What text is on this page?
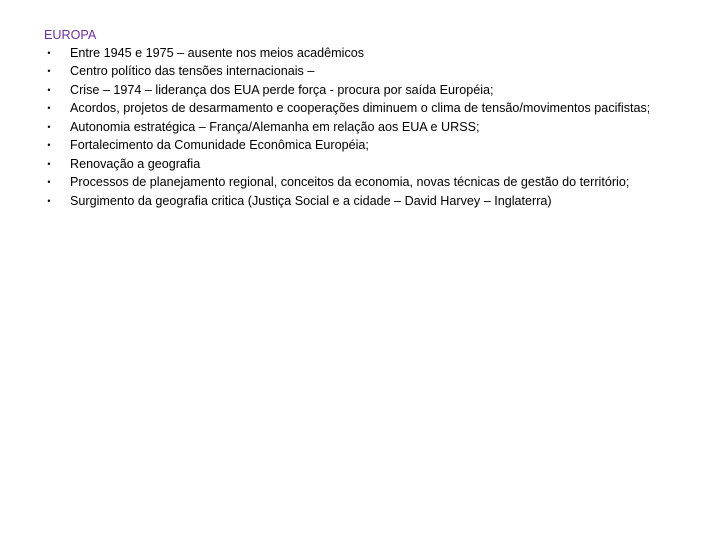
EUROPA
• Entre 1945 e 1975 – ausente nos meios acadêmicos
• Centro político das tensões internacionais –
• Crise – 1974 – liderança dos EUA perde força - procura por saída Européia;
• Acordos, projetos de desarmamento e cooperações diminuem o clima de tensão/movimentos pacifistas;
• Autonomia estratégica – França/Alemanha em relação aos EUA e URSS;
• Fortalecimento da Comunidade Econômica Européia;
• Renovação a geografia
• Processos de planejamento regional, conceitos da economia, novas técnicas de gestão do território;
• Surgimento da geografia critica (Justiça Social e a cidade – David Harvey – Inglaterra)
